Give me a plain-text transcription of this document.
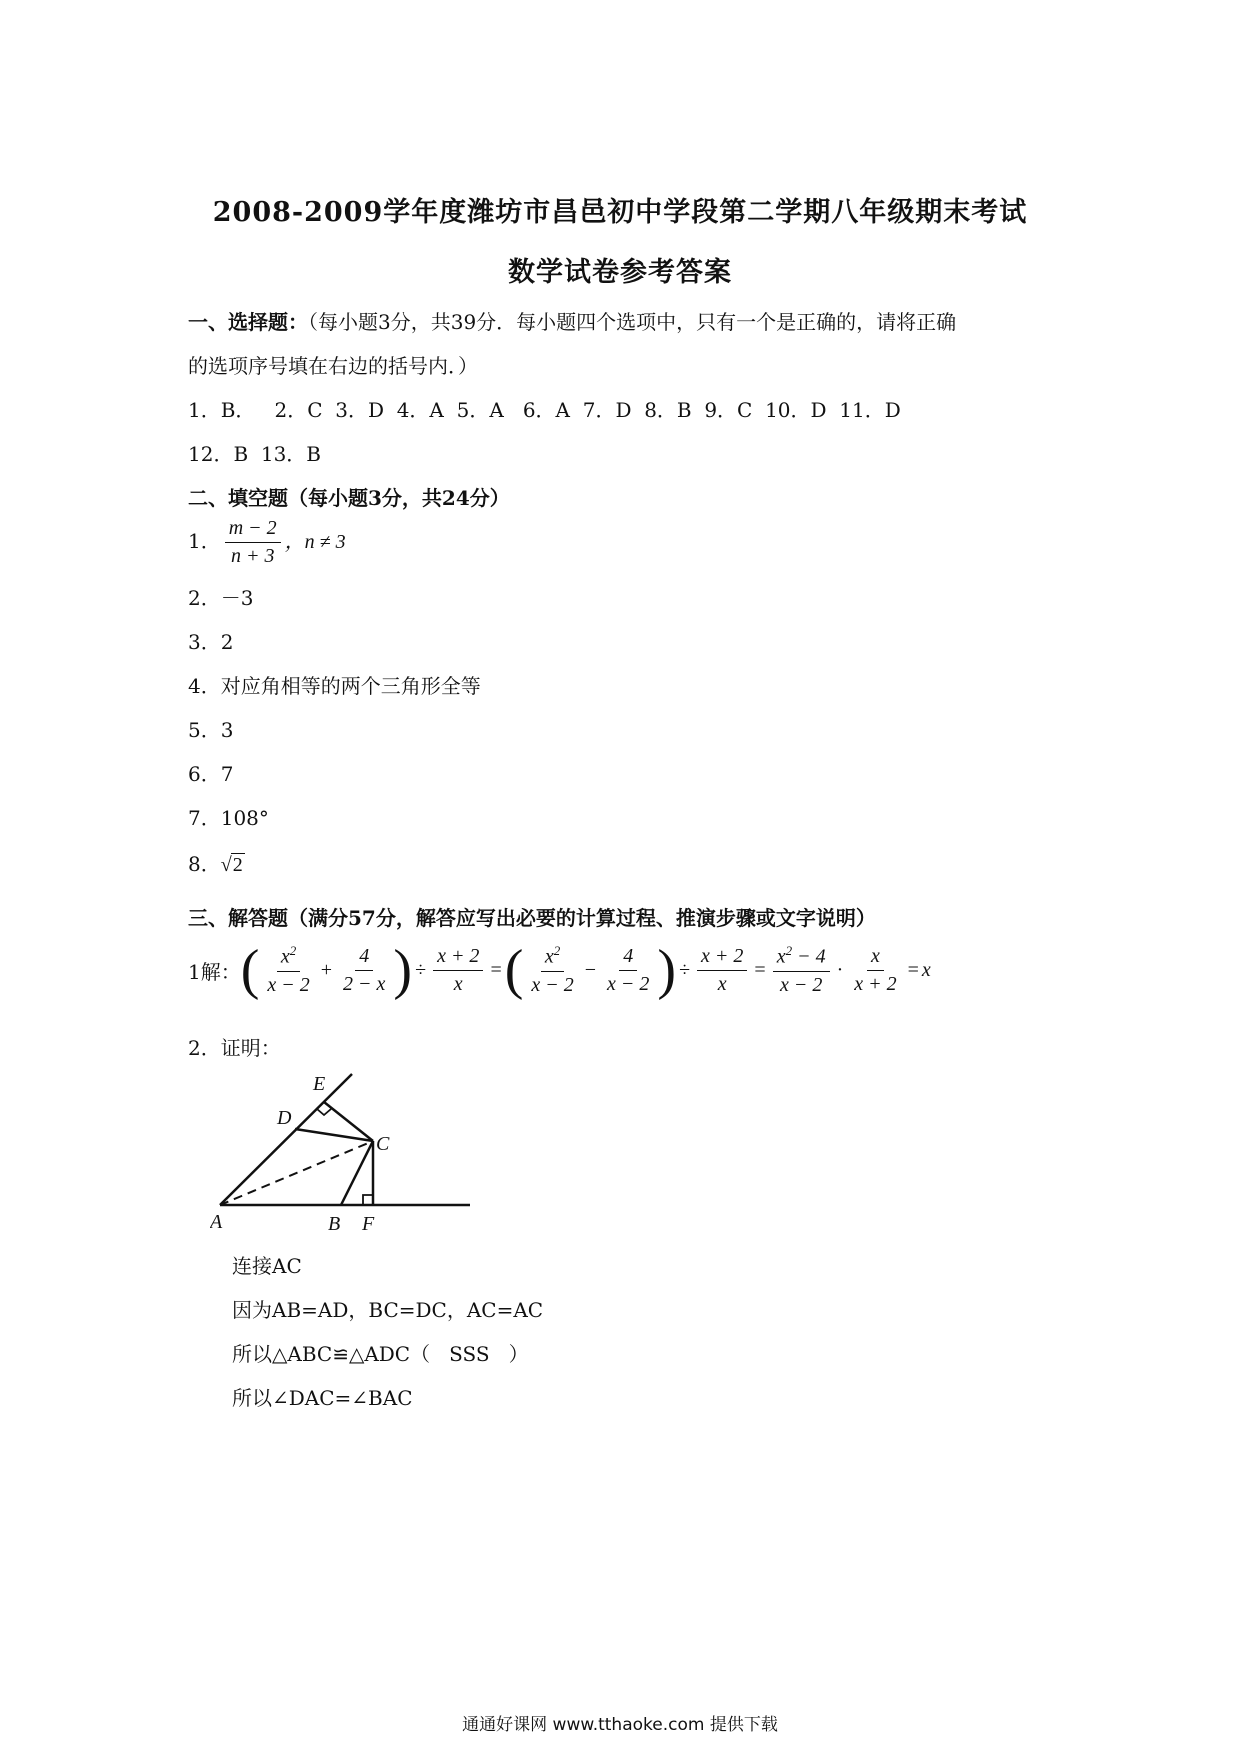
2008-2009学年度潍坊市昌邑初中学段第二学期八年级期末考试
数学试卷参考答案
一、选择题：（每小题3分，共39分．每小题四个选项中，只有一个是正确的，请将正确
的选项序号填在右边的括号内．）
1．B．   2．C  3．D  4．A  5．A   6．A  7．D  8．B  9．C  10．D  11．D
12．B  13．B
二、填空题（每小题3分，共24分）
1． $\frac{m - 2}{n + 3}$ ，n ≠ 3
2．－3
3．2
4．对应角相等的两个三角形全等
5．3
6．7
7．108°
8．√2
三、解答题（满分57分，解答应写出必要的计算过程、推演步骤或文字说明）
1解： ( $\frac{x^2}{x - 2} + \frac{4}{2 - x}$ ) ÷ $\frac{x + 2}{x}$ = ( $\frac{x^2}{x - 2} - \frac{4}{x - 2}$ ) ÷ $\frac{x + 2}{x} = \frac{x^2 - 4}{x - 2} \cdot \frac{x}{x + 2} = x$
2．证明：
E
D
C
A	B F
连接AC
因为AB=AD，BC=DC，AC=AC
所以△ABC≌△ADC（   SSS   ）
所以∠DAC=∠BAC
通通好课网 www.tthaoke.com 提供下载
